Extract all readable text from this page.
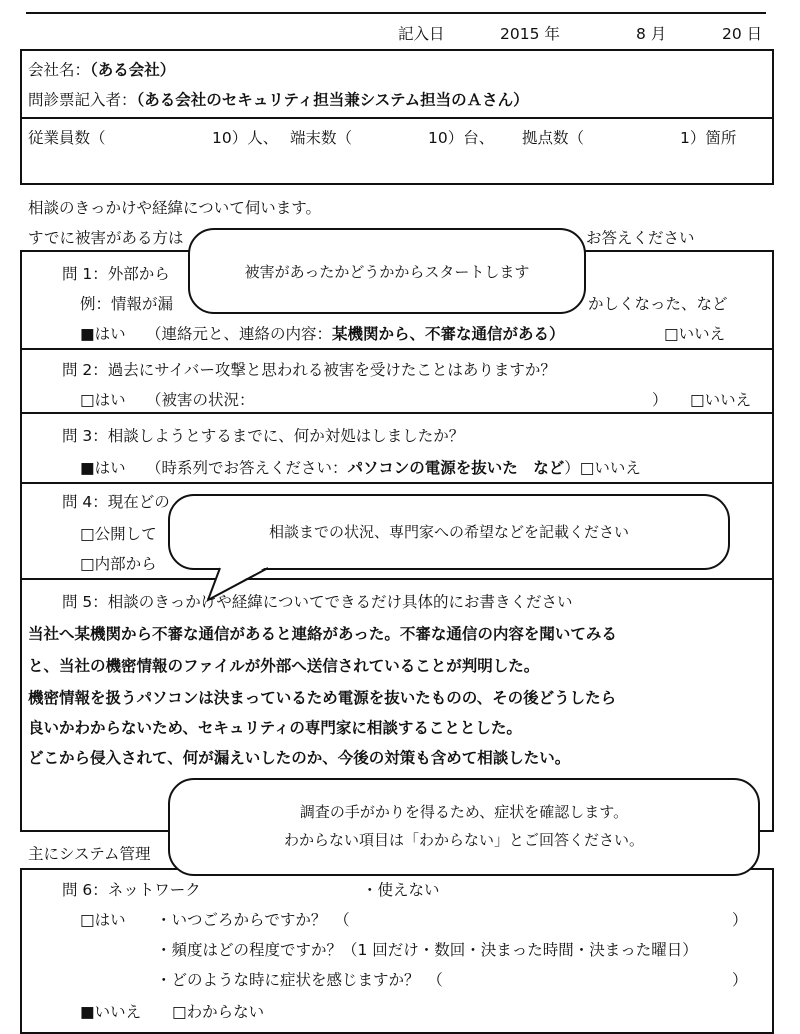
記入日	2015 年	8 月	20 日
会社名：（ある会社）
問診票記入者：（ある会社のセキュリティ担当兼システム担当のＡさん）
従業員数（	10）人、 端末数（	10）台、 拠点数（	1）箇所
相談のきっかけや経緯について伺います。
すでに被害がある方は	お答えください
問 1：外部から
例：情報が漏	かしくなった、など
■はい （連絡元と、連絡の内容：某機関から、不審な通信がある）	□いいえ
問 2：過去にサイバー攻撃と思われる被害を受けたことはありますか？
□はい （被害の状況：	） □いいえ
問 3：相談しようとするまでに、何か対処はしましたか？
■はい （時系列でお答えください：パソコンの電源を抜いた　など）□いいえ
問 4：現在どの
□公開して
□内部から
問 5：相談のきっかけや経緯についてできるだけ具体的にお書きください
当社へ某機関から不審な通信があると連絡があった。不審な通信の内容を聞いてみる
と、当社の機密情報のファイルが外部へ送信されていることが判明した。
機密情報を扱うパソコンは決まっているため電源を抜いたものの、その後どうしたら
良いかわからないため、セキュリティの専門家に相談することとした。
どこから侵入されて、何が漏えいしたのか、今後の対策も含めて相談したい。
主にシステム管理
問 6：ネットワーク	・使えない
□はい ・いつごろからですか？　（	）
・頻度はどの程度ですか？（1 回だけ・数回・決まった時間・決まった曜日）
・どのような時に症状を感じますか？　（	）
■いいえ □わからない
被害があったかどうかからスタートします
相談までの状況、専門家への希望などを記載ください
調査の手がかりを得るため、症状を確認します。
わからない項目は「わからない」とご回答ください。
